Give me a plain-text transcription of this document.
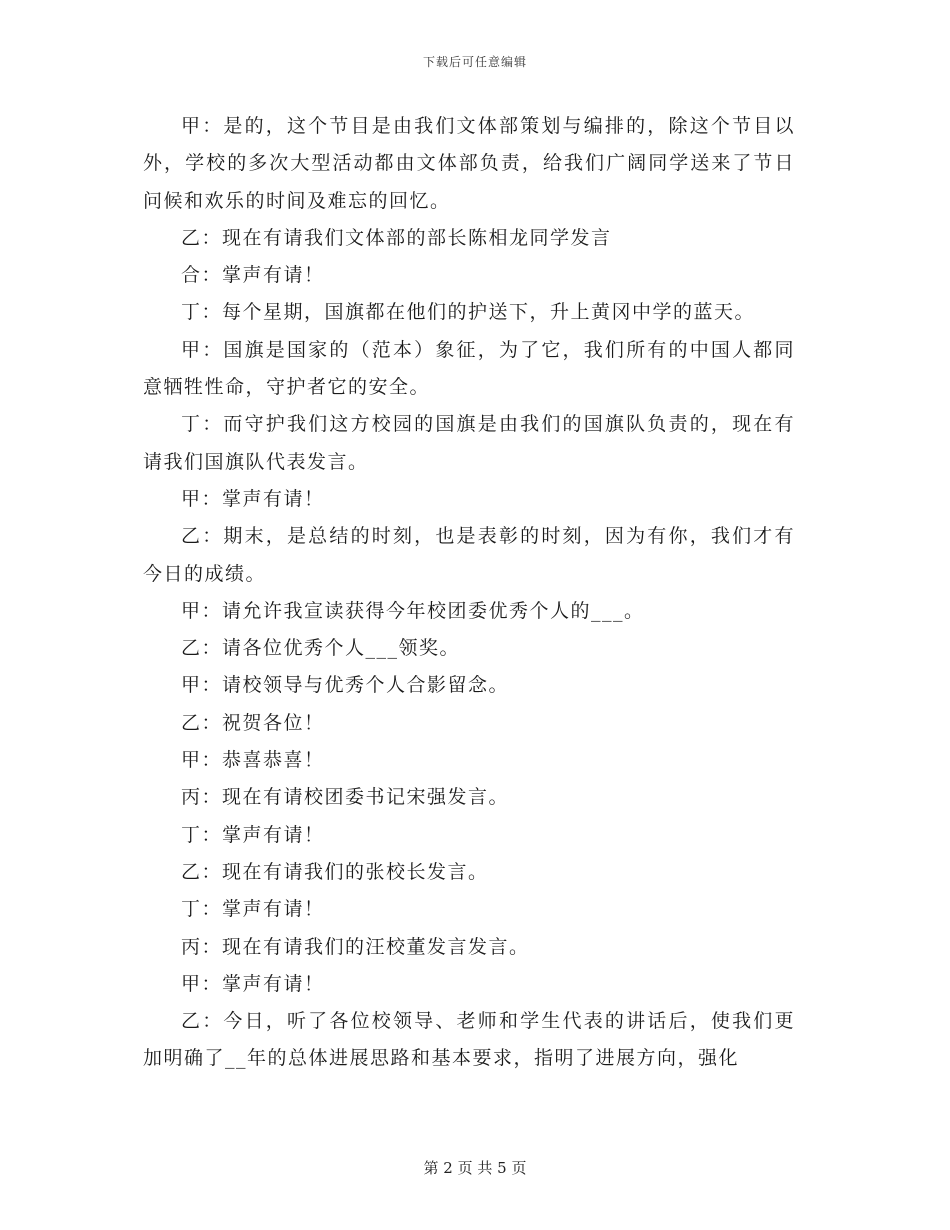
下载后可任意编辑

甲：是的，这个节目是由我们文体部策划与编排的，除这个节目以外，学校的多次大型活动都由文体部负责，给我们广阔同学送来了节日问候和欢乐的时间及难忘的回忆。

乙：现在有请我们文体部的部长陈相龙同学发言

合：掌声有请！

丁：每个星期，国旗都在他们的护送下，升上黄冈中学的蓝天。

甲：国旗是国家的（范本）象征，为了它，我们所有的中国人都同意牺牲性命，守护者它的安全。

丁：而守护我们这方校园的国旗是由我们的国旗队负责的，现在有请我们国旗队代表发言。

甲：掌声有请！

乙：期末，是总结的时刻，也是表彰的时刻，因为有你，我们才有今日的成绩。

甲：请允许我宣读获得今年校团委优秀个人的___。

乙：请各位优秀个人___领奖。

甲：请校领导与优秀个人合影留念。

乙：祝贺各位！

甲：恭喜恭喜！

丙：现在有请校团委书记宋强发言。

丁：掌声有请！

乙：现在有请我们的张校长发言。

丁：掌声有请！

丙：现在有请我们的汪校董发言发言。

甲：掌声有请！

乙：今日，听了各位校领导、老师和学生代表的讲话后，使我们更加明确了__年的总体进展思路和基本要求，指明了进展方向，强化

第 2 页 共 5 页
